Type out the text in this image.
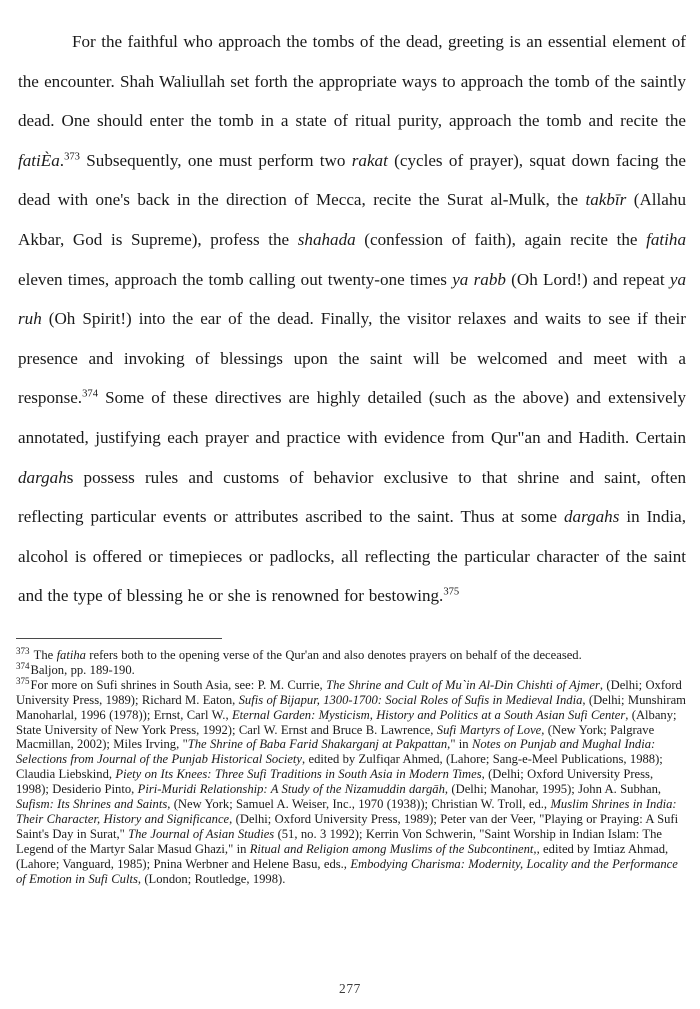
For the faithful who approach the tombs of the dead, greeting is an essential element of the encounter. Shah Waliullah set forth the appropriate ways to approach the tomb of the saintly dead. One should enter the tomb in a state of ritual purity, approach the tomb and recite the fatiÈa.$^{373}$ Subsequently, one must perform two rakat (cycles of prayer), squat down facing the dead with one's back in the direction of Mecca, recite the Surat al-Mulk, the takbīr (Allahu Akbar, God is Supreme), profess the shahada (confession of faith), again recite the fatiha eleven times, approach the tomb calling out twenty-one times ya rabb (Oh Lord!) and repeat ya ruh (Oh Spirit!) into the ear of the dead. Finally, the visitor relaxes and waits to see if their presence and invoking of blessings upon the saint will be welcomed and meet with a response.$^{374}$ Some of these directives are highly detailed (such as the above) and extensively annotated, justifying each prayer and practice with evidence from Qur"an and Hadith. Certain dargahs possess rules and customs of behavior exclusive to that shrine and saint, often reflecting particular events or attributes ascribed to the saint. Thus at some dargahs in India, alcohol is offered or timepieces or padlocks, all reflecting the particular character of the saint and the type of blessing he or she is renowned for bestowing.$^{375}$

$^{373}$ The fatiha refers both to the opening verse of the Qur'an and also denotes prayers on behalf of the deceased.

$^{374}$Baljon, pp. 189-190.

$^{375}$For more on Sufi shrines in South Asia, see: P. M. Currie, The Shrine and Cult of Mu`in Al-Din Chishti of Ajmer, (Delhi; Oxford University Press, 1989); Richard M. Eaton, Sufis of Bijapur, 1300-1700: Social Roles of Sufis in Medieval India, (Delhi; Munshiram Manoharlal, 1996 (1978)); Ernst, Carl W., Eternal Garden: Mysticism, History and Politics at a South Asian Sufi Center, (Albany; State University of New York Press, 1992); Carl W. Ernst and Bruce B. Lawrence, Sufi Martyrs of Love, (New York; Palgrave Macmillan, 2002); Miles Irving, "The Shrine of Baba Farid Shakarganj at Pakpattan," in Notes on Punjab and Mughal India: Selections from Journal of the Punjab Historical Society, edited by Zulfiqar Ahmed, (Lahore; Sang-e-Meel Publications, 1988); Claudia Liebskind, Piety on Its Knees: Three Sufi Traditions in South Asia in Modern Times, (Delhi; Oxford University Press, 1998); Desiderio Pinto, Piri-Muridi Relationship: A Study of the Nizamuddin dargāh, (Delhi; Manohar, 1995); John A. Subhan, Sufism: Its Shrines and Saints, (New York; Samuel A. Weiser, Inc., 1970 (1938)); Christian W. Troll, ed., Muslim Shrines in India: Their Character, History and Significance, (Delhi; Oxford University Press, 1989); Peter van der Veer, "Playing or Praying: A Sufi Saint's Day in Surat," The Journal of Asian Studies (51, no. 3 1992); Kerrin Von Schwerin, "Saint Worship in Indian Islam: The Legend of the Martyr Salar Masud Ghazi," in Ritual and Religion among Muslims of the Subcontinent,, edited by Imtiaz Ahmad, (Lahore; Vanguard, 1985); Pnina Werbner and Helene Basu, eds., Embodying Charisma: Modernity, Locality and the Performance of Emotion in Sufi Cults, (London; Routledge, 1998).

277
